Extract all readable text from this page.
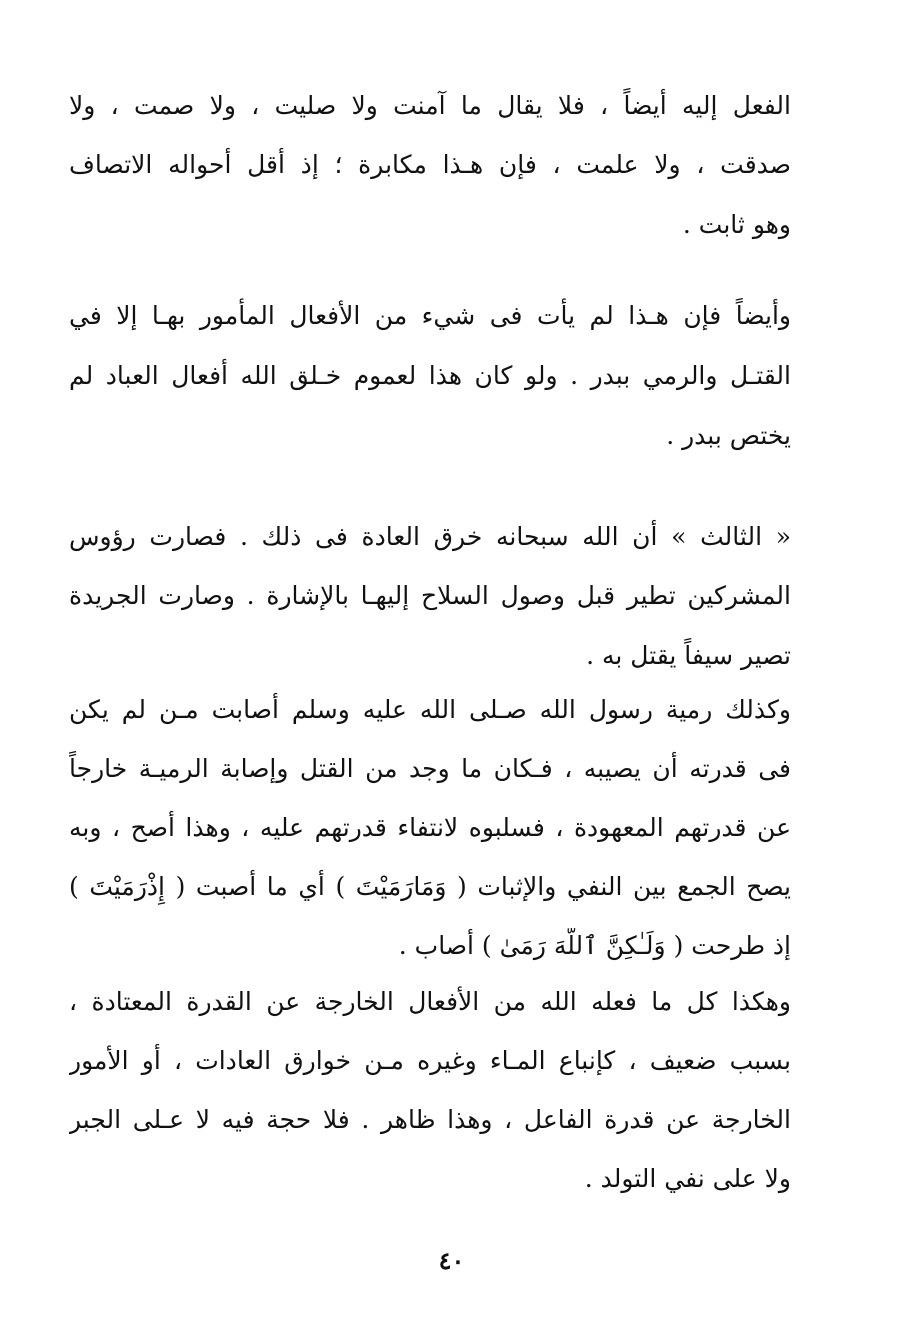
الفعل إليه أيضاً ، فلا يقال ما آمنت ولا صليت ، ولا صمت ، ولا
صدقت ، ولا علمت ، فإن هـذا مكابرة ؛ إذ أقل أحواله الاتصاف
وهو ثابت .
وأيضاً فإن هـذا لم يأت فى شيء من الأفعال المأمور بهـا إلا في
القتـل والرمي ببدر . ولو كان هذا لعموم خـلق الله أفعال العباد لم
يختص ببدر .
« الثالث » أن الله سبحانه خرق العادة فى ذلك . فصارت رؤوس
المشركين تطير قبل وصول السلاح إليهـا بالإشارة . وصارت الجريدة
تصير سيفاً يقتل به .
وكذلك رمية رسول الله صـلى الله عليه وسلم أصابت مـن لم يكن
فى قدرته أن يصيبه ، فـكان ما وجد من القتل وإصابة الرميـة خارجاً
عن قدرتهم المعهودة ، فسلبوه لانتفاء قدرتهم عليه ، وهذا أصح ، وبه
يصح الجمع بين النفي والإثبات ( وَمَارَمَيْتَ ) أي ما أصبت ( إِذْرَمَيْتَ )
إذ طرحت ( وَلَـٰكِنَّ ٱللَّهَ رَمَىٰ ) أصاب .
وهكذا كل ما فعله الله من الأفعال الخارجة عن القدرة المعتادة ،
بسبب ضعيف ، كإنباع المـاء وغيره مـن خوارق العادات ، أو الأمور
الخارجة عن قدرة الفاعل ، وهذا ظاهر . فلا حجة فيه لا عـلى الجبر
ولا على نفي التولد .
٤٠
